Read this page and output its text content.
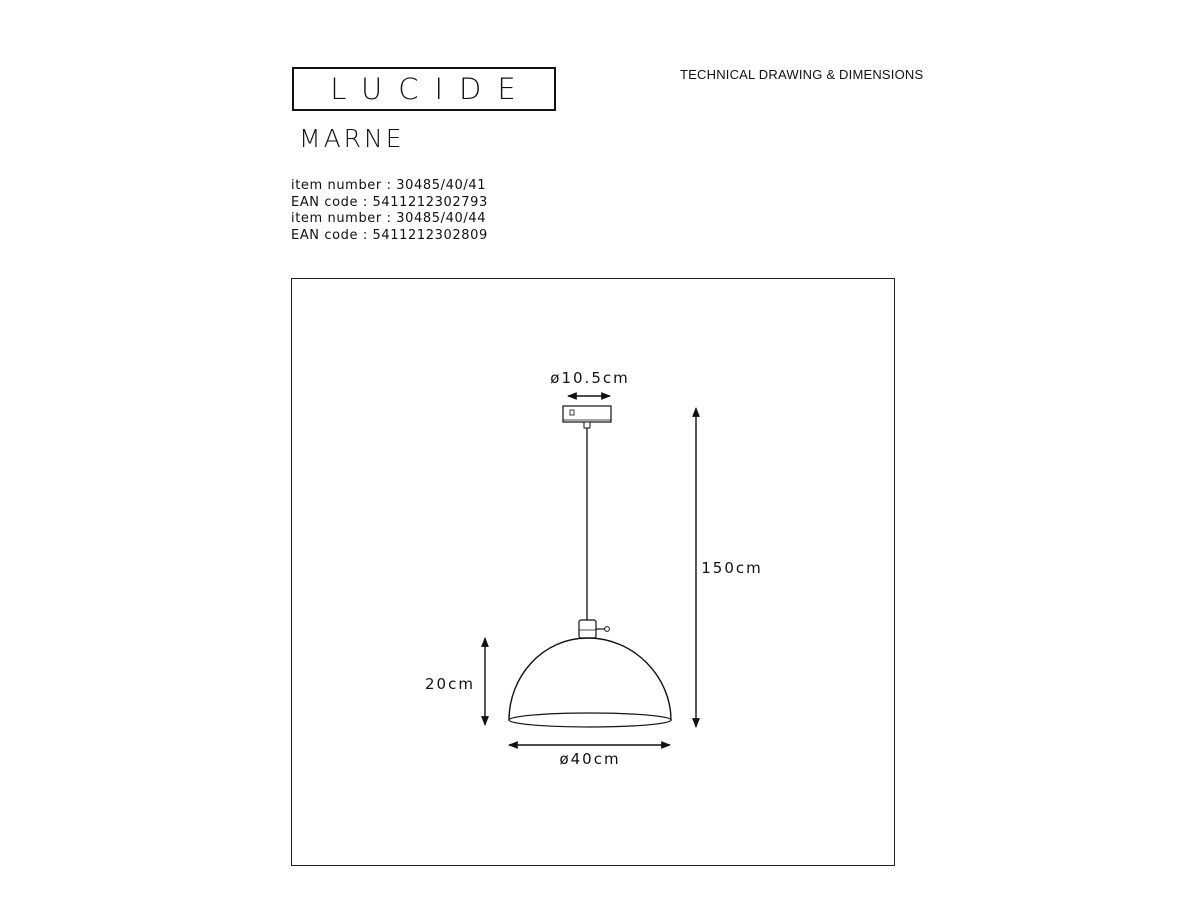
LUCIDE	TECHNICAL DRAWING & DIMENSIONS
MARNE
item number : 30485/40/41
EAN code : 5411212302793
item number : 30485/40/44
EAN code : 5411212302809
ø10.5cm
150cm
20cm
ø40cm
